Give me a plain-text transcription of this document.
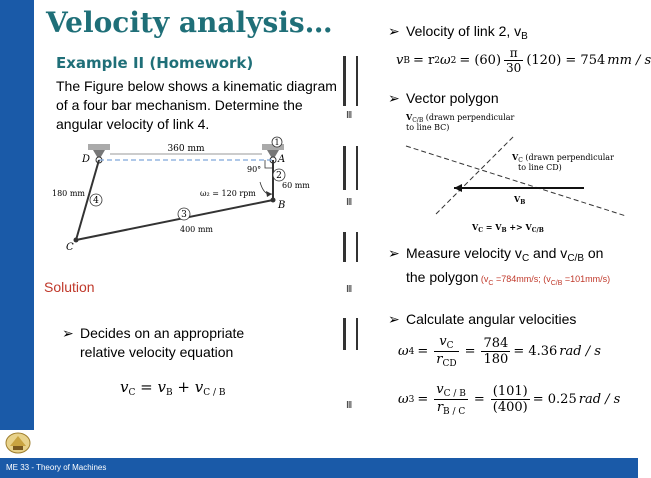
ME 33 - Theory of Machines
Velocity analysis…
Example II (Homework)
The Figure below shows a kinematic diagram of a four bar mechanism. Determine the angular velocity of link 4.
III
III
III
III
1
2
3
4
D	A
B
C
360 mm
90°
60 mm
180 mm	ω₂ = 120 rpm
400 mm
Solution
➢ Decides on an appropriate relative velocity equation
$v_C = v_B + v_{C / B}$
➢ Velocity of link 2, $v_B$
v B = r 2 ω $2 = (60) \frac{\pi}{30} (120) = 754$ mm / s
➢ Vector polygon
$V_{C/B}$ (drawn perpendicular
to line BC)
$V_C$ (drawn perpendicular
to line CD)
$V_B$
$V_C = V_B +> V_{C/B}$
➢ Measure velocity $v_C$ and $v_{C/B}$ on
the polygon ($v_C =784mm/s$; $(v_{C/B} =101mm/s)$
➢ Calculate angular velocities
ω $4 = \frac{v_C}{r_{CD}} = \frac{784}{180} = 4.36$ rad / s
ω $3 = \frac{v_{C / B}}{r_{B / C}} = \frac{(101)}{(400)} = 0.25$ rad / s
